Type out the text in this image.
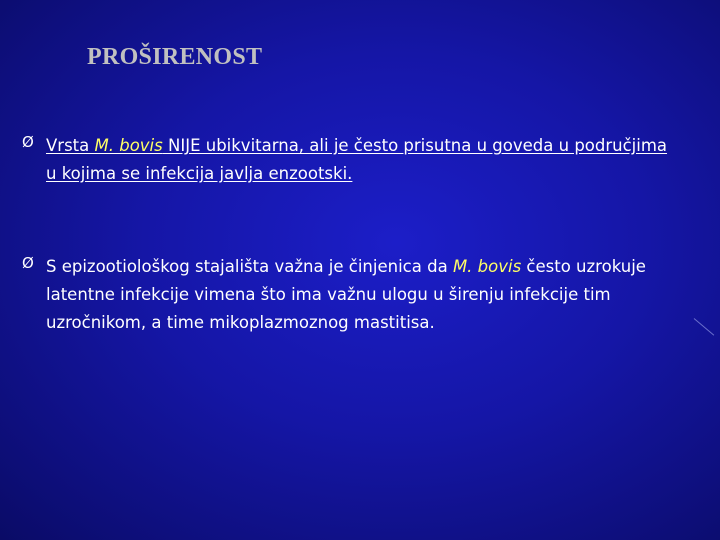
PROŠIRENOST
Ø Vrsta M. bovis NIJE ubikvitarna, ali je često prisutna u goveda u područjima u kojima se infekcija javlja enzootski.
Ø S epizootiološkog stajališta važna je činjenica da M. bovis često uzrokuje latentne infekcije vimena što ima važnu ulogu u širenju infekcije tim uzročnikom, a time mikoplazmoznog mastitisa.
